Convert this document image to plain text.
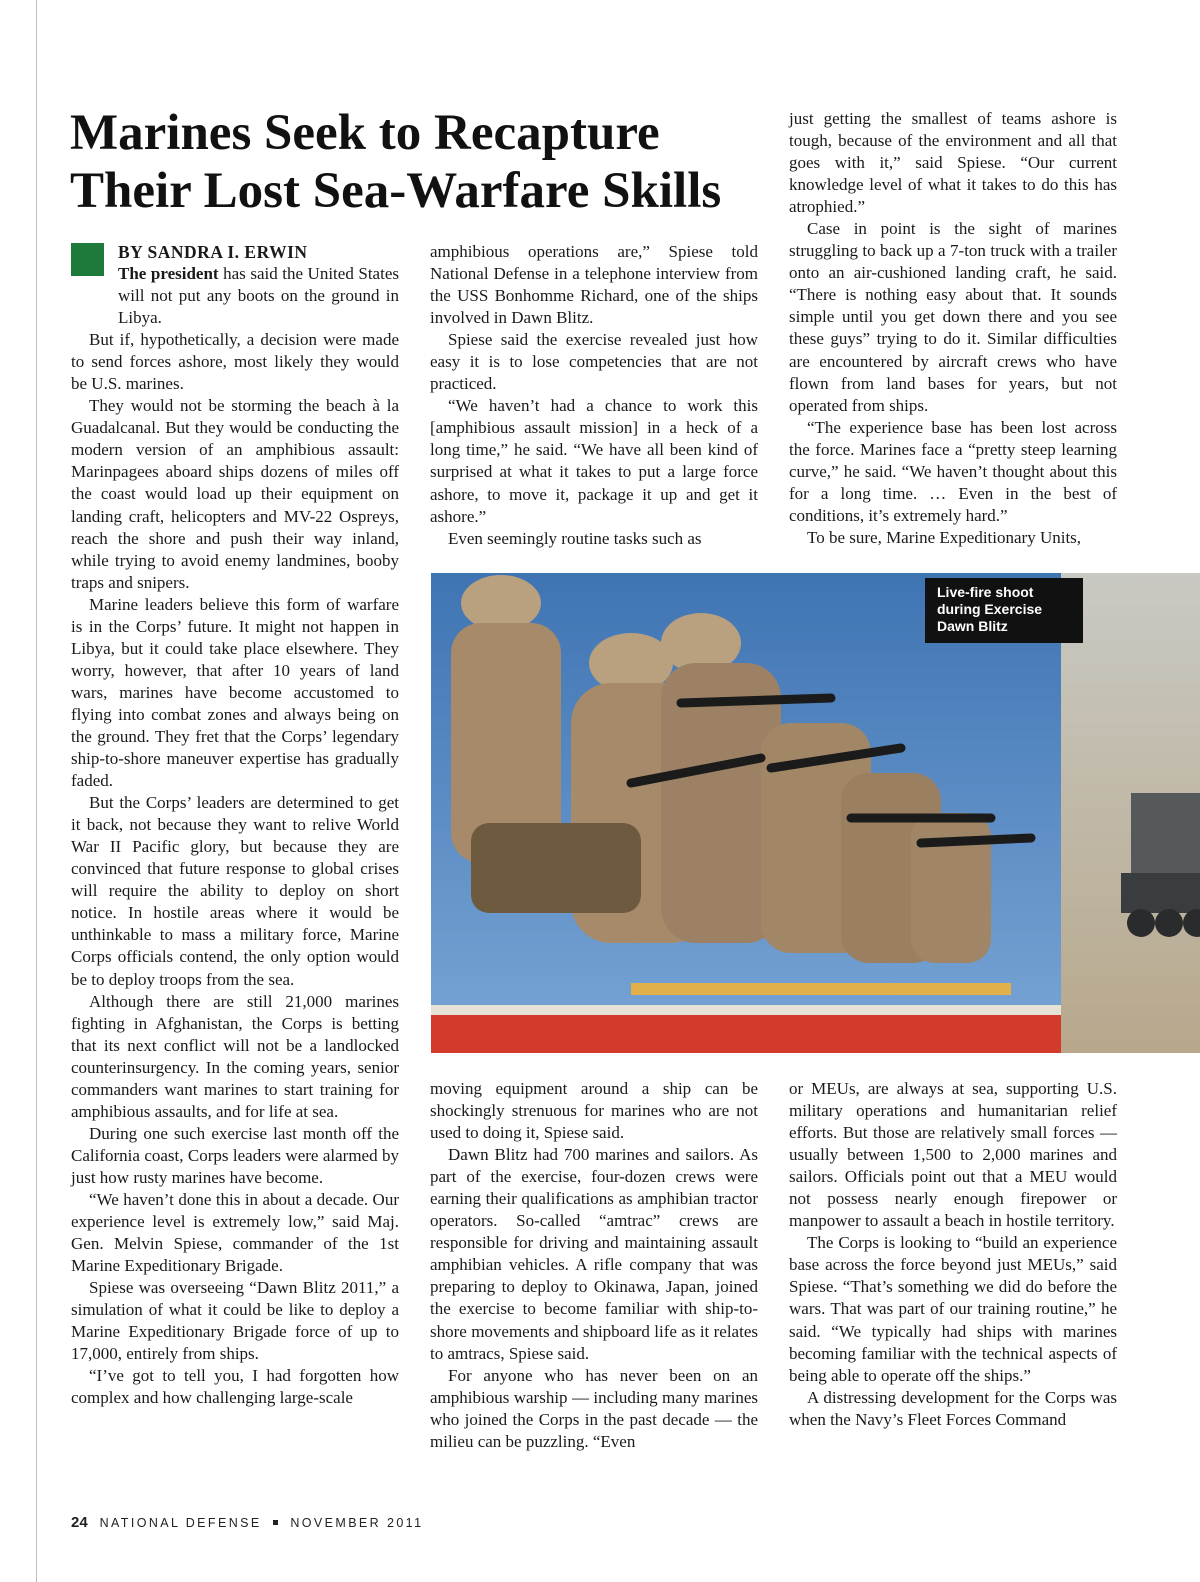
Marines Seek to Recapture Their Lost Sea-Warfare Skills
BY SANDRA I. ERWIN

The president has said the United States will not put any boots on the ground in Libya.

But if, hypothetically, a decision were made to send forces ashore, most likely they would be U.S. marines.

They would not be storming the beach à la Guadalcanal. But they would be conducting the modern version of an amphibious assault: Marinpagees aboard ships dozens of miles off the coast would load up their equipment on landing craft, helicopters and MV-22 Ospreys, reach the shore and push their way inland, while trying to avoid enemy landmines, booby traps and snipers.

Marine leaders believe this form of warfare is in the Corps’ future. It might not happen in Libya, but it could take place elsewhere. They worry, however, that after 10 years of land wars, marines have become accustomed to flying into combat zones and always being on the ground. They fret that the Corps’ legendary ship-to-shore maneuver expertise has gradually faded.

But the Corps’ leaders are determined to get it back, not because they want to relive World War II Pacific glory, but because they are convinced that future response to global crises will require the ability to deploy on short notice. In hostile areas where it would be unthinkable to mass a military force, Marine Corps officials contend, the only option would be to deploy troops from the sea.

Although there are still 21,000 marines fighting in Afghanistan, the Corps is betting that its next conflict will not be a landlocked counterinsurgency. In the coming years, senior commanders want marines to start training for amphibious assaults, and for life at sea.

During one such exercise last month off the California coast, Corps leaders were alarmed by just how rusty marines have become.

“We haven’t done this in about a decade. Our experience level is extremely low,” said Maj. Gen. Melvin Spiese, commander of the 1st Marine Expeditionary Brigade.

Spiese was overseeing “Dawn Blitz 2011,” a simulation of what it could be like to deploy a Marine Expeditionary Brigade force of up to 17,000, entirely from ships.

“I’ve got to tell you, I had forgotten how complex and how challenging large-scale

amphibious operations are,” Spiese told National Defense in a telephone interview from the USS Bonhomme Richard, one of the ships involved in Dawn Blitz.

Spiese said the exercise revealed just how easy it is to lose competencies that are not practiced.

“We haven’t had a chance to work this [amphibious assault mission] in a heck of a long time,” he said. “We have all been kind of surprised at what it takes to put a large force ashore, to move it, package it up and get it ashore.”

Even seemingly routine tasks such as

just getting the smallest of teams ashore is tough, because of the environment and all that goes with it,” said Spiese. “Our current knowledge level of what it takes to do this has atrophied.”

Case in point is the sight of marines struggling to back up a 7-ton truck with a trailer onto an air-cushioned landing craft, he said. “There is nothing easy about that. It sounds simple until you get down there and you see these guys” trying to do it. Similar difficulties are encountered by aircraft crews who have flown from land bases for years, but not operated from ships.

“The experience base has been lost across the force. Marines face a “pretty steep learning curve,” he said. “We haven’t thought about this for a long time. … Even in the best of conditions, it’s extremely hard.”

To be sure, Marine Expeditionary Units,

Live-fire shoot during Exercise Dawn Blitz

moving equipment around a ship can be shockingly strenuous for marines who are not used to doing it, Spiese said.

Dawn Blitz had 700 marines and sailors. As part of the exercise, four-dozen crews were earning their qualifications as amphibian tractor operators. So-called “amtrac” crews are responsible for driving and maintaining assault amphibian vehicles. A rifle company that was preparing to deploy to Okinawa, Japan, joined the exercise to become familiar with ship-to-shore movements and shipboard life as it relates to amtracs, Spiese said.

For anyone who has never been on an amphibious warship — including many marines who joined the Corps in the past decade — the milieu can be puzzling. “Even

or MEUs, are always at sea, supporting U.S. military operations and humanitarian relief efforts. But those are relatively small forces — usually between 1,500 to 2,000 marines and sailors. Officials point out that a MEU would not possess nearly enough firepower or manpower to assault a beach in hostile territory.

The Corps is looking to “build an experience base across the force beyond just MEUs,” said Spiese. “That’s something we did do before the wars. That was part of our training routine,” he said. “We typically had ships with marines becoming familiar with the technical aspects of being able to operate off the ships.”

A distressing development for the Corps was when the Navy’s Fleet Forces Command

24 NATIONAL DEFENSE NOVEMBER 2011
